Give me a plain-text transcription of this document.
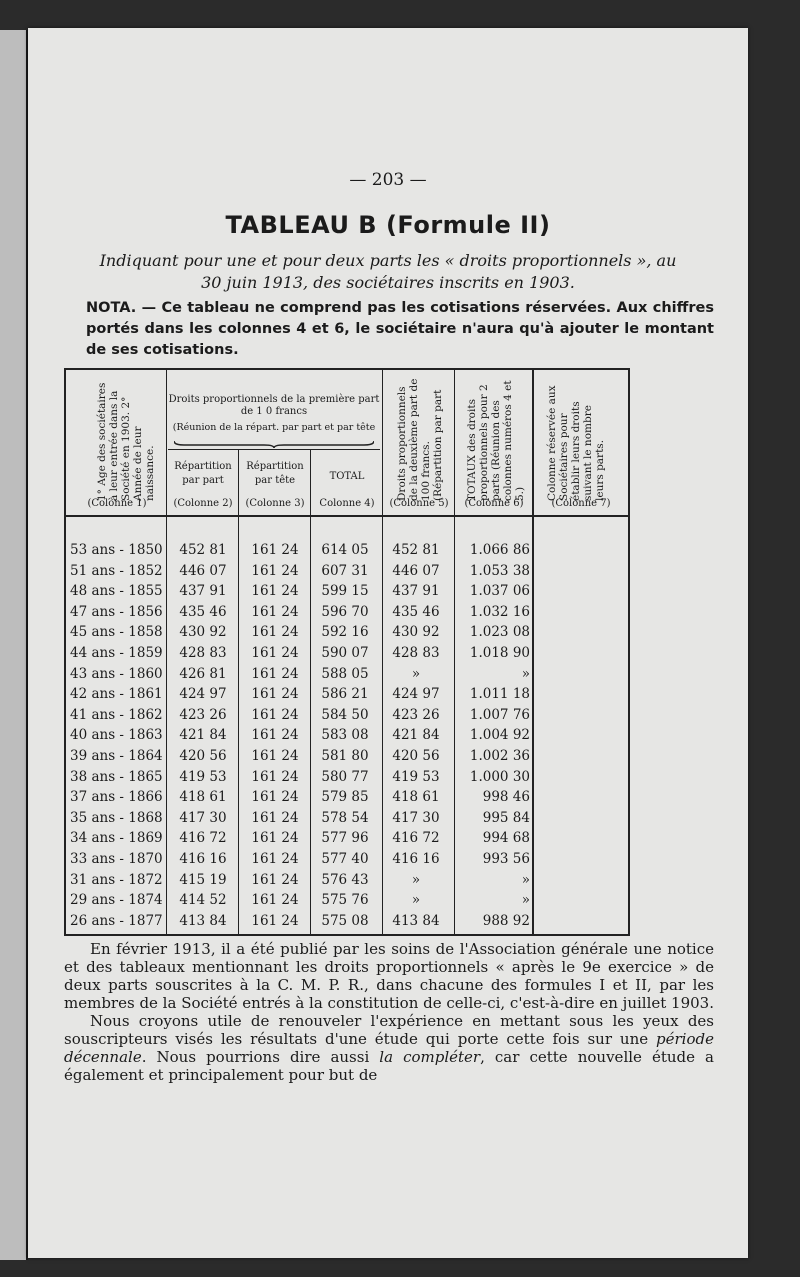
— 203 —
TABLEAU B (Formule II)
Indiquant pour une et pour deux parts les « droits proportionnels », au
30 juin 1913, des sociétaires inscrits en 1903.
NOTA. — Ce tableau ne comprend pas les cotisations réservées. Aux chiffres portés dans les colonnes 4 et 6, le sociétaire n'aura qu'à ajouter le montant de ses cotisations.
1° Age des sociétaires à leur entrée dans la Société en 1903. 2° Année de leur naissance.
(Colonne 1)
Droits proportionnels de la première part de 1 0 francs
(Réunion de la répart. par part et par tête
Répartition par part
(Colonne 2)
Répartition par tête
(Colonne 3)
TOTAL
Colonne 4)
Droits proportionnels de la deuxième part de 100 francs. (Répartition par part
(Colonne 5)
TOTAUX des droits proportionnels pour 2 parts (Réunion des colonnes numéros 4 et 5.)
(Colonne 6)
Colonne réservée aux Sociétaires pour établir leurs droits suivant le nombre leurs parts.
(Colonne 7)
53 ans - 1850	452 81	161 24	614 05	452 81	1.066 86
51 ans - 1852	446 07	161 24	607 31	446 07	1.053 38
48 ans - 1855	437 91	161 24	599 15	437 91	1.037 06
47 ans - 1856	435 46	161 24	596 70	435 46	1.032 16
45 ans - 1858	430 92	161 24	592 16	430 92	1.023 08
44 ans - 1859	428 83	161 24	590 07	428 83	1.018 90
43 ans - 1860	426 81	161 24	588 05	»	»
42 ans - 1861	424 97	161 24	586 21	424 97	1.011 18
41 ans - 1862	423 26	161 24	584 50	423 26	1.007 76
40 ans - 1863	421 84	161 24	583 08	421 84	1.004 92
39 ans - 1864	420 56	161 24	581 80	420 56	1.002 36
38 ans - 1865	419 53	161 24	580 77	419 53	1.000 30
37 ans - 1866	418 61	161 24	579 85	418 61	998 46
35 ans - 1868	417 30	161 24	578 54	417 30	995 84
34 ans - 1869	416 72	161 24	577 96	416 72	994 68
33 ans - 1870	416 16	161 24	577 40	416 16	993 56
31 ans - 1872	415 19	161 24	576 43	»	»
29 ans - 1874	414 52	161 24	575 76	»	»
26 ans - 1877	413 84	161 24	575 08	413 84	988 92

En février 1913, il a été publié par les soins de l'Association générale une notice et des tableaux mentionnant les droits proportionnels « après le 9e exercice » de deux parts souscrites à la C. M. P. R., dans chacune des formules I et II, par les membres de la Société entrés à la constitution de celle-ci, c'est-à-dire en juillet 1903.

Nous croyons utile de renouveler l'expérience en mettant sous les yeux des souscripteurs visés les résultats d'une étude qui porte cette fois sur une période décennale. Nous pourrions dire aussi la compléter, car cette nouvelle étude a également et principalement pour but de
